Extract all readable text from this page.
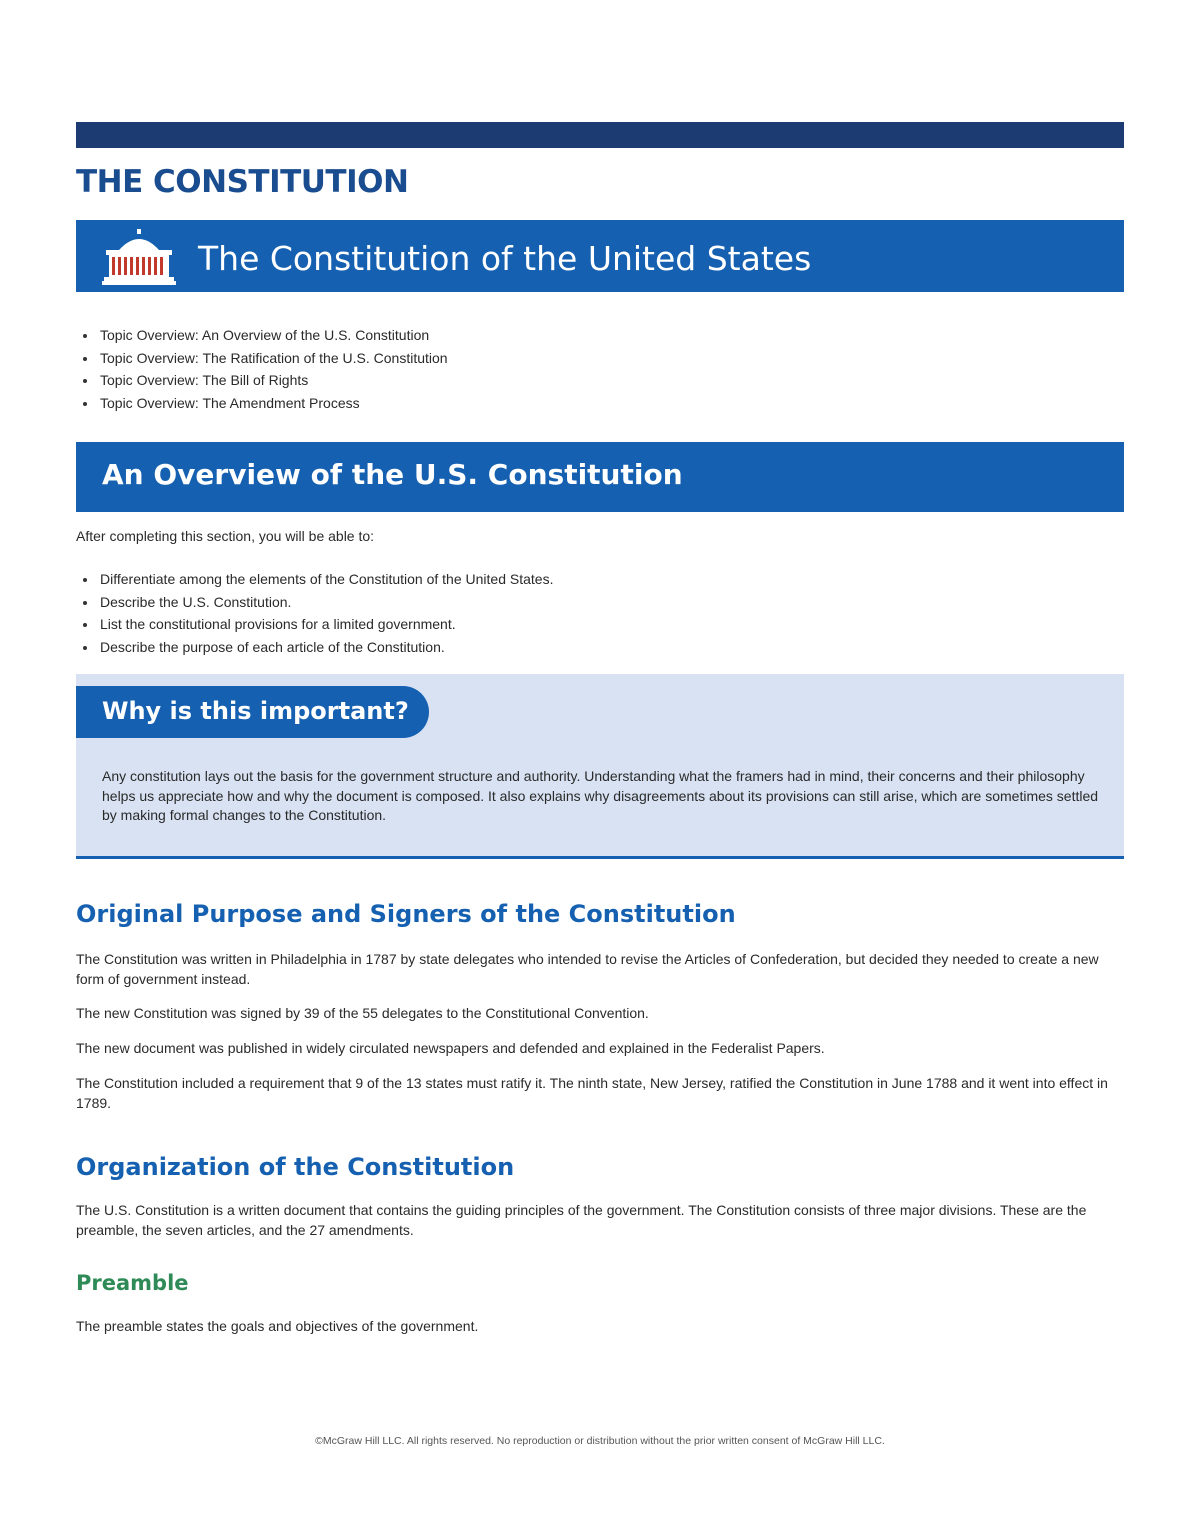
THE CONSTITUTION
The Constitution of the United States
Topic Overview: An Overview of the U.S. Constitution
Topic Overview: The Ratification of the U.S. Constitution
Topic Overview: The Bill of Rights
Topic Overview: The Amendment Process
An Overview of the U.S. Constitution

After completing this section, you will be able to:

Differentiate among the elements of the Constitution of the United States.
Describe the U.S. Constitution.
List the constitutional provisions for a limited government.
Describe the purpose of each article of the Constitution.
Why is this important?

Any constitution lays out the basis for the government structure and authority. Understanding what the framers had in mind, their concerns and their philosophy helps us appreciate how and why the document is composed. It also explains why disagreements about its provisions can still arise, which are sometimes settled by making formal changes to the Constitution.

Original Purpose and Signers of the Constitution

The Constitution was written in Philadelphia in 1787 by state delegates who intended to revise the Articles of Confederation, but decided they needed to create a new form of government instead.

The new Constitution was signed by 39 of the 55 delegates to the Constitutional Convention.

The new document was published in widely circulated newspapers and defended and explained in the Federalist Papers.

The Constitution included a requirement that 9 of the 13 states must ratify it. The ninth state, New Jersey, ratified the Constitution in June 1788 and it went into effect in 1789.

Organization of the Constitution

The U.S. Constitution is a written document that contains the guiding principles of the government. The Constitution consists of three major divisions. These are the preamble, the seven articles, and the 27 amendments.

Preamble

The preamble states the goals and objectives of the government.

©McGraw Hill LLC. All rights reserved. No reproduction or distribution without the prior written consent of McGraw Hill LLC.
